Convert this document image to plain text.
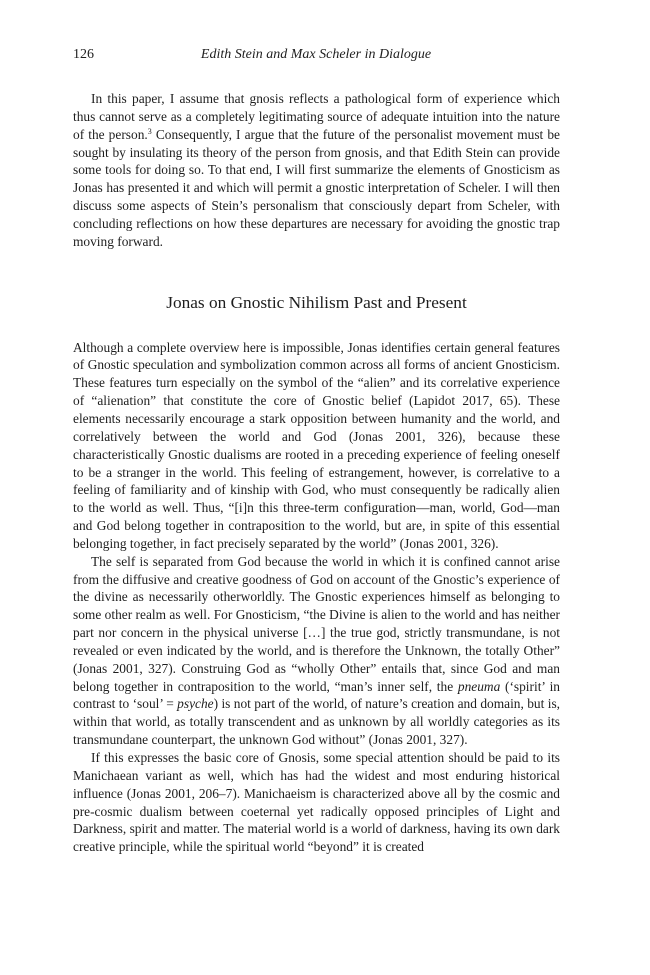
126	Edith Stein and Max Scheler in Dialogue

In this paper, I assume that gnosis reflects a pathological form of experience which thus cannot serve as a completely legitimating source of adequate intuition into the nature of the person.$^3$ Consequently, I argue that the future of the personalist movement must be sought by insulating its theory of the person from gnosis, and that Edith Stein can provide some tools for doing so. To that end, I will first summarize the elements of Gnosticism as Jonas has presented it and which will permit a gnostic interpretation of Scheler. I will then discuss some aspects of Stein’s personalism that consciously depart from Scheler, with concluding reflections on how these departures are necessary for avoiding the gnostic trap moving forward.

Jonas on Gnostic Nihilism Past and Present

Although a complete overview here is impossible, Jonas identifies certain general features of Gnostic speculation and symbolization common across all forms of ancient Gnosticism. These features turn especially on the symbol of the “alien” and its correlative experience of “alienation” that constitute the core of Gnostic belief (Lapidot 2017, 65). These elements necessarily encourage a stark opposition between humanity and the world, and correlatively between the world and God (Jonas 2001, 326), because these characteristically Gnostic dualisms are rooted in a preceding experience of feeling oneself to be a stranger in the world. This feeling of estrangement, however, is correlative to a feeling of familiarity and of kinship with God, who must consequently be radically alien to the world as well. Thus, “[i]n this three-term configuration—man, world, God—man and God belong together in contraposition to the world, but are, in spite of this essential belonging together, in fact precisely separated by the world” (Jonas 2001, 326).

The self is separated from God because the world in which it is confined cannot arise from the diffusive and creative goodness of God on account of the Gnostic’s experience of the divine as necessarily otherworldly. The Gnostic experiences himself as belonging to some other realm as well. For Gnosticism, “the Divine is alien to the world and has neither part nor concern in the physical universe […] the true god, strictly transmundane, is not revealed or even indicated by the world, and is therefore the Unknown, the totally Other” (Jonas 2001, 327). Construing God as “wholly Other” entails that, since God and man belong together in contraposition to the world, “man’s inner self, the pneuma (‘spirit’ in contrast to ‘soul’ = psyche) is not part of the world, of nature’s creation and domain, but is, within that world, as totally transcendent and as unknown by all worldly categories as its transmundane counterpart, the unknown God without” (Jonas 2001, 327).

If this expresses the basic core of Gnosis, some special attention should be paid to its Manichaean variant as well, which has had the widest and most enduring historical influence (Jonas 2001, 206–7). Manichaeism is characterized above all by the cosmic and pre-cosmic dualism between coeternal yet radically opposed principles of Light and Darkness, spirit and matter. The material world is a world of darkness, having its own dark creative principle, while the spiritual world “beyond” it is created
